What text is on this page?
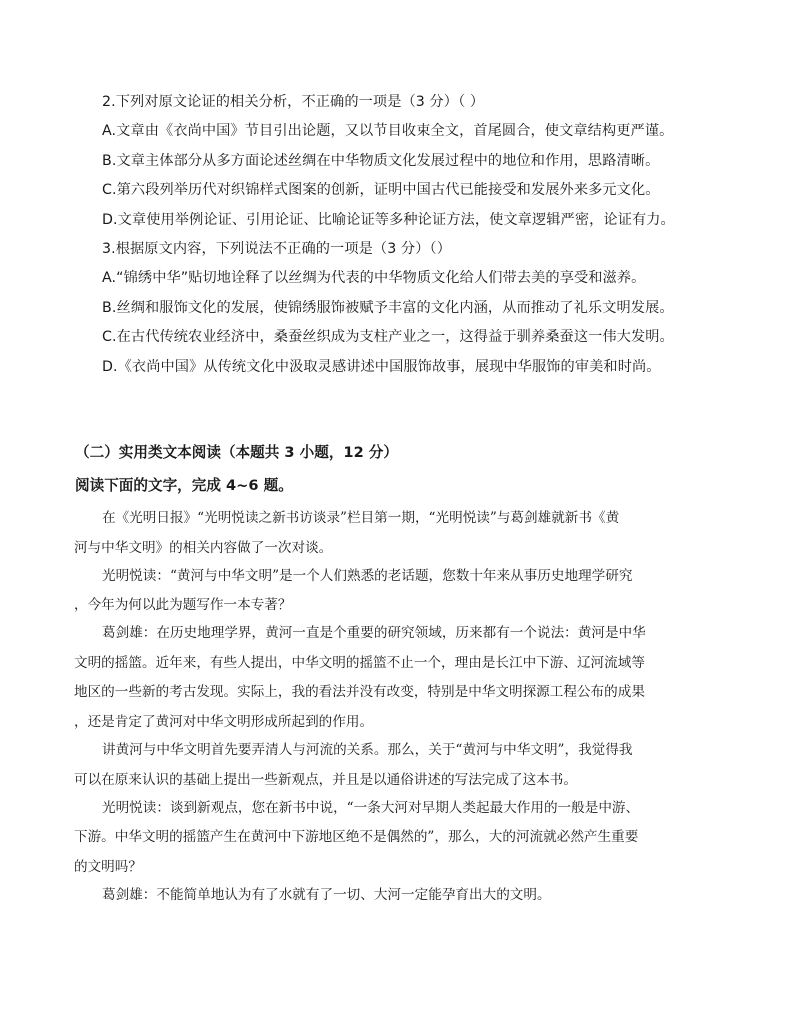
2.下列对原文论证的相关分析，不正确的一项是（3 分）（ ）
A.文章由《衣尚中国》节目引出论题，又以节目收束全文，首尾圆合，使文章结构更严谨。
B.文章主体部分从多方面论述丝绸在中华物质文化发展过程中的地位和作用，思路清晰。
C.第六段列举历代对织锦样式图案的创新，证明中国古代已能接受和发展外来多元文化。
D.文章使用举例论证、引用论证、比喻论证等多种论证方法，使文章逻辑严密，论证有力。
3.根据原文内容，下列说法不正确的一项是（3 分）（）
A.“锦绣中华”贴切地诠释了以丝绸为代表的中华物质文化给人们带去美的享受和滋养。
B.丝绸和服饰文化的发展，使锦绣服饰被赋予丰富的文化内涵，从而推动了礼乐文明发展。
C.在古代传统农业经济中，桑蚕丝织成为支柱产业之一，这得益于驯养桑蚕这一伟大发明。
D.《衣尚中国》从传统文化中汲取灵感讲述中国服饰故事，展现中华服饰的审美和时尚。
（二）实用类文本阅读（本题共 3 小题，12 分）
阅读下面的文字，完成 4~6 题。
在《光明日报》“光明悦读之新书访谈录”栏目第一期，“光明悦读”与葛剑雄就新书《黄
河与中华文明》的相关内容做了一次对谈。
光明悦读：“黄河与中华文明”是一个人们熟悉的老话题，您数十年来从事历史地理学研究
，今年为何以此为题写作一本专著？
葛剑雄：在历史地理学界，黄河一直是个重要的研究领域，历来都有一个说法：黄河是中华
文明的摇篮。近年来，有些人提出，中华文明的摇篮不止一个，理由是长江中下游、辽河流域等
地区的一些新的考古发现。实际上，我的看法并没有改变，特别是中华文明探源工程公布的成果
，还是肯定了黄河对中华文明形成所起到的作用。
讲黄河与中华文明首先要弄清人与河流的关系。那么，关于“黄河与中华文明”，我觉得我
可以在原来认识的基础上提出一些新观点，并且是以通俗讲述的写法完成了这本书。
光明悦读：谈到新观点，您在新书中说，“一条大河对早期人类起最大作用的一般是中游、
下游。中华文明的摇篮产生在黄河中下游地区绝不是偶然的”，那么，大的河流就必然产生重要
的文明吗？
葛剑雄：不能简单地认为有了水就有了一切、大河一定能孕育出大的文明。
